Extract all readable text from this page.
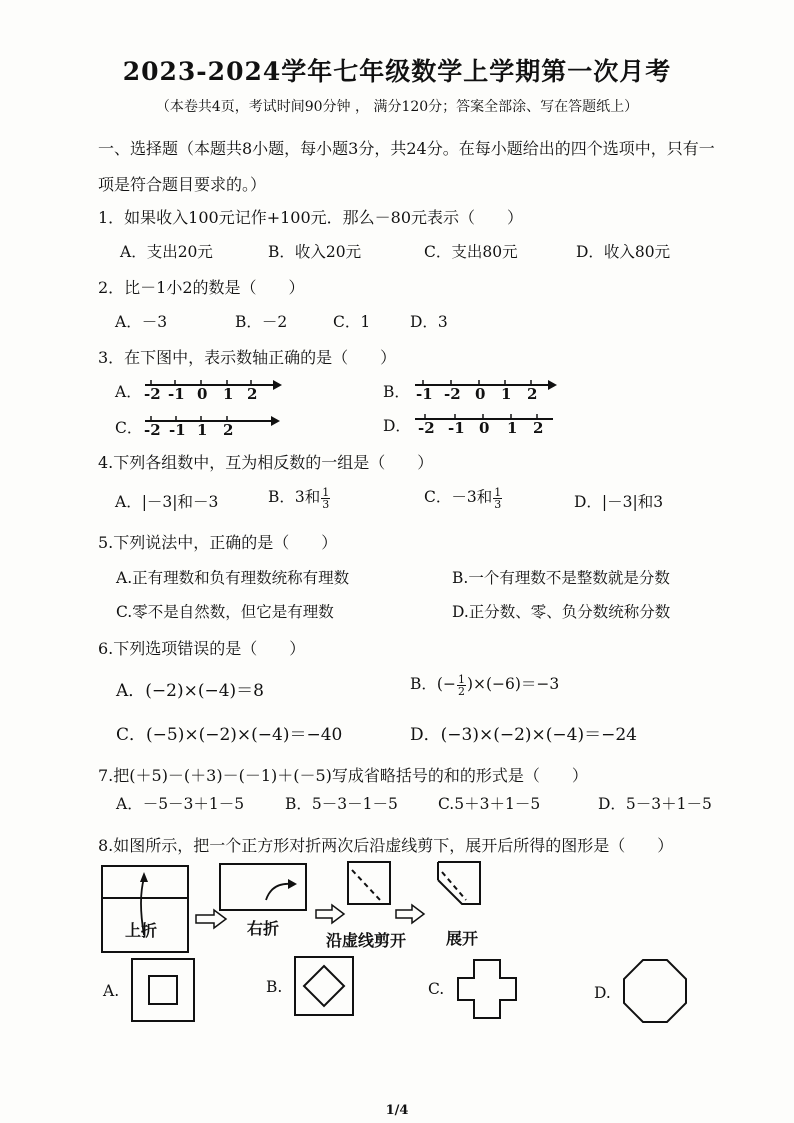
2023-2024学年七年级数学上学期第一次月考
（本卷共4页，考试时间90分钟 ， 满分120分；答案全部涂、写在答题纸上）
一、选择题（本题共8小题，每小题3分，共24分。在每小题给出的四个选项中，只有一
项是符合题目要求的。）
1．如果收入100元记作+100元．那么－80元表示（　　）
A．支出20元	B．收入20元	C．支出80元	D．收入80元
2．比－1小2的数是（　　）
A．－3	B．－2	C．1	D．3
3．在下图中，表示数轴正确的是（　　）
A． -2 -1 0 1 2	B． -1 -2 0 1 2
C． -2 -1 1 2	D． -2 -1 0 1 2
4.下列各组数中，互为相反数的一组是（　　）
A．|－3|和－3	B．3和 $\frac{1}{3}$	C．－3和 $\frac{1}{3}$	D．|－3|和3
5.下列说法中，正确的是（　　）
A.正有理数和负有理数统称有理数	B.一个有理数不是整数就是分数
C.零不是自然数，但它是有理数	D.正分数、零、负分数统称分数
6.下列选项错误的是（　　）
A．(−2)×(−4)＝8	B．(− $\frac{1}{2} )\times(-6)=-3$
C．(−5)×(−2)×(−4)＝−40	D．(−3)×(−2)×(−4)＝−24
7.把(＋5)－(＋3)－(－1)＋(－5)写成省略括号的和的形式是（　　）
A．－5－3＋1－5	B．5－3－1－5	C.5＋3＋1－5	D．5－3＋1－5
8.如图所示，把一个正方形对折两次后沿虚线剪下，展开后所得的图形是（　　）
上折	右折
沿虚线剪开 展开
A.	B.	C.	D.
1/4
